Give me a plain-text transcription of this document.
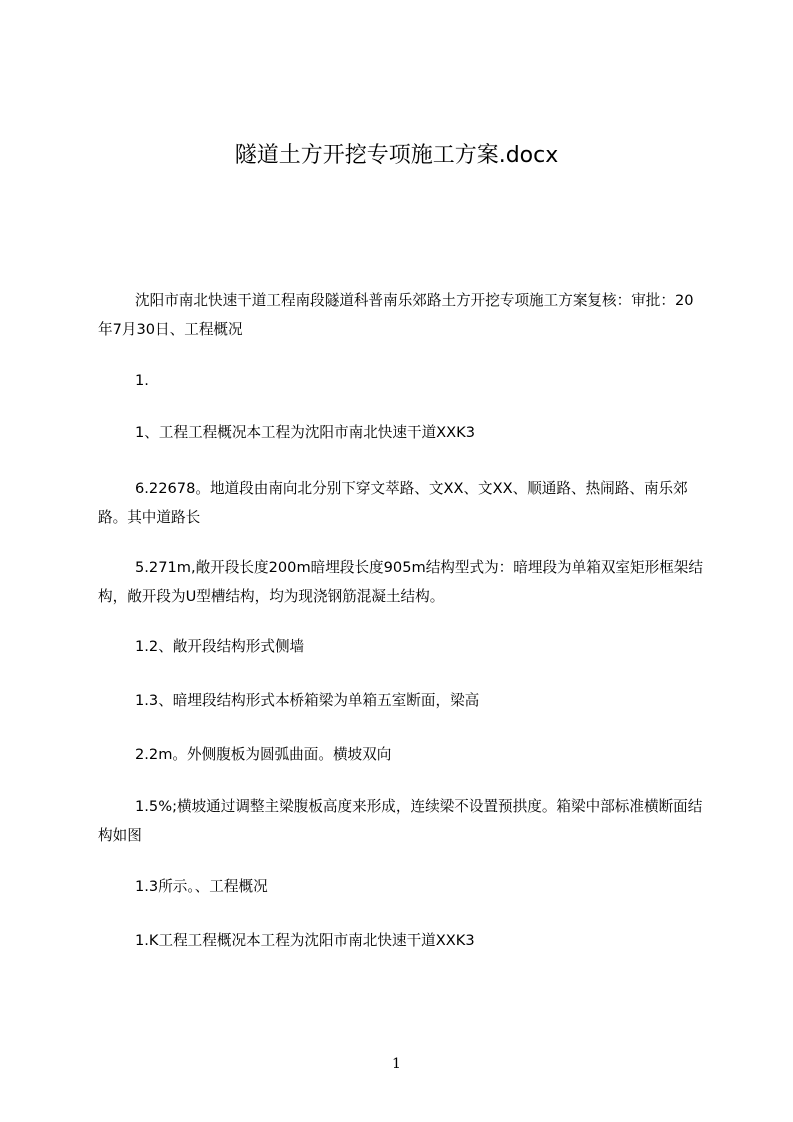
隧道土方开挖专项施工方案.docx
沈阳市南北快速干道工程南段隧道科普南乐郊路土方开挖专项施工方案复核：审批：20年7月30日、工程概况
1.
1、工程工程概况本工程为沈阳市南北快速干道XXK3
6.22678。地道段由南向北分别下穿文萃路、文XX、文XX、顺通路、热闹路、南乐郊路。其中道路长
5.271m,敞开段长度200m暗埋段长度905m结构型式为：暗埋段为单箱双室矩形框架结构，敞开段为U型槽结构，均为现浇钢筋混凝土结构。
1.2、敞开段结构形式侧墙
1.3、暗埋段结构形式本桥箱梁为单箱五室断面，梁高
2.2m。外侧腹板为圆弧曲面。横坡双向
1.5%;横坡通过调整主梁腹板高度来形成，连续梁不设置预拱度。箱梁中部标准横断面结构如图
1.3所示。、工程概况
1.K工程工程概况本工程为沈阳市南北快速干道XXK3
1
